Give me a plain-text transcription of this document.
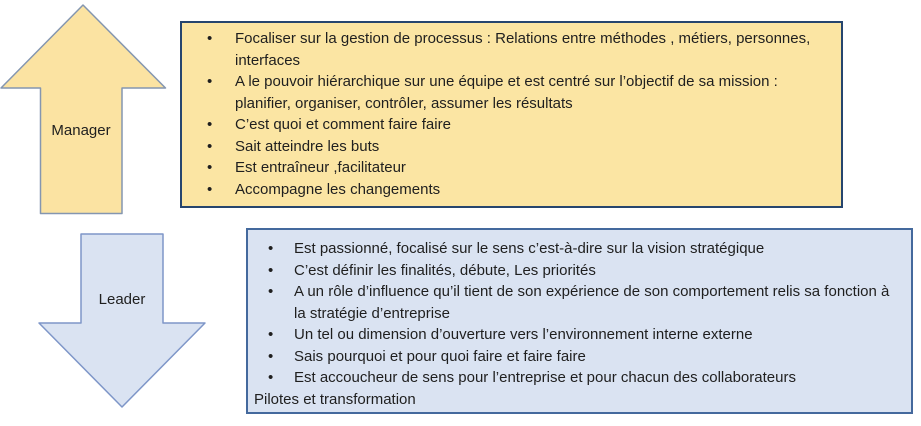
Manager
• Focaliser sur la gestion de processus : Relations entre méthodes , métiers, personnes, interfaces
• A le pouvoir hiérarchique sur une équipe et est centré sur l’objectif de sa mission : planifier, organiser, contrôler, assumer les résultats
• C’est quoi et comment faire faire
• Sait atteindre les buts
• Est entraîneur ,facilitateur
• Accompagne les changements
Leader
• Est passionné, focalisé sur le sens c’est-à-dire sur la vision stratégique
• C’est définir les finalités, débute, Les priorités
• A un rôle d’influence qu’il tient de son expérience de son comportement relis sa fonction à la stratégie d’entreprise
• Un tel ou dimension d’ouverture vers l’environnement interne externe
• Sais pourquoi et pour quoi faire et faire faire
• Est accoucheur de sens pour l’entreprise et pour chacun des collaborateurs
Pilotes et transformation
